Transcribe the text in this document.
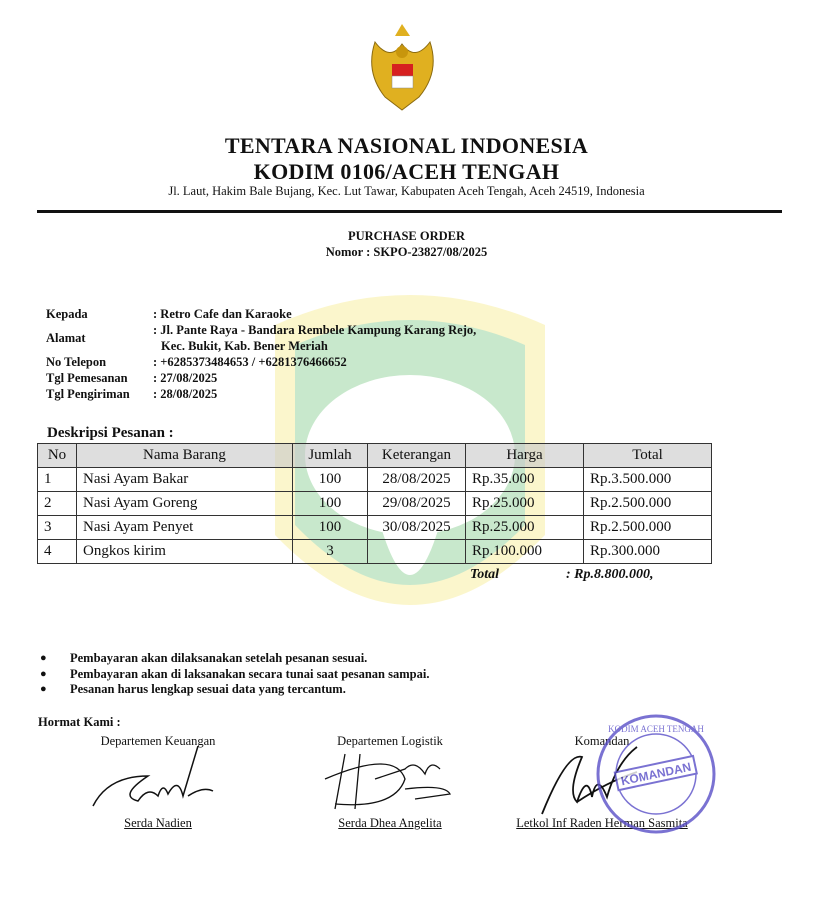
TENTARA NASIONAL INDONESIA
KODIM 0106/ACEH TENGAH
Jl. Laut, Hakim Bale Bujang, Kec. Lut Tawar, Kabupaten Aceh Tengah, Aceh 24519, Indonesia
PURCHASE ORDER
Nomor : SKPO-23827/08/2025
Kepada	: Retro Cafe dan Karaoke
Alamat
: Jl. Pante Raya - Bandara Rembele Kampung Karang Rejo,
Kec. Bukit, Kab. Bener Meriah
No Telepon	: +6285373484653 / +6281376466652
Tgl Pemesanan	: 27/08/2025
Tgl Pengiriman	: 28/08/2025
Deskripsi Pesanan :
No	Nama Barang	Jumlah	Keterangan	Harga	Total
1	Nasi Ayam Bakar	100	28/08/2025	Rp.35.000	Rp.3.500.000
2	Nasi Ayam Goreng	100	29/08/2025	Rp.25.000	Rp.2.500.000
3	Nasi Ayam Penyet	100	30/08/2025	Rp.25.000	Rp.2.500.000
4	Ongkos kirim	3		Rp.100.000	Rp.300.000
Total	: Rp.8.800.000,
●	Pembayaran akan dilaksanakan setelah pesanan sesuai.
●	Pembayaran akan di laksanakan secara tunai saat pesanan sampai.
●	Pesanan harus lengkap sesuai data yang tercantum.
Hormat Kami :
Departemen Keuangan
Serda Nadien
Departemen Logistik
Serda Dhea Angelita
Komandan
Letkol Inf Raden Herman Sasmita
KOMANDAN
KODIM ACEH TENGAH
